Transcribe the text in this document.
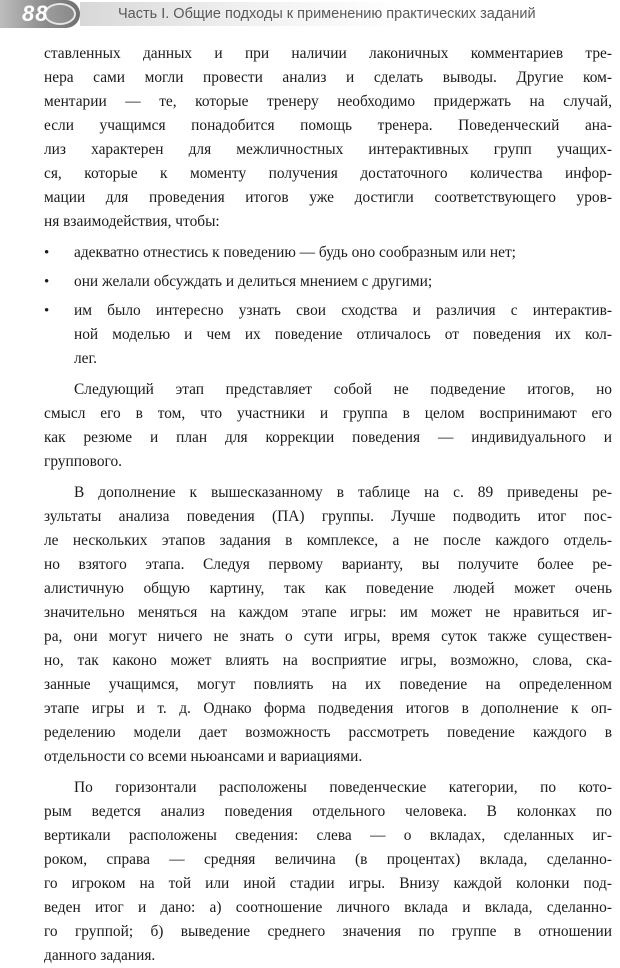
88	Часть I. Общие подходы к применению практических заданий
ставленных данных и при наличии лаконичных комментариев тре-
нера сами могли провести анализ и сделать выводы. Другие ком-
ментарии — те, которые тренеру необходимо придержать на случай,
если учащимся понадобится помощь тренера. Поведенческий ана-
лиз характерен для межличностных интерактивных групп учащих-
ся, которые к моменту получения достаточного количества инфор-
мации для проведения итогов уже достигли соответствующего уров-
ня взаимодействия, чтобы:
•	адекватно отнестись к поведению — будь оно сообразным или нет;
•	они желали обсуждать и делиться мнением с другими;
•	им было интересно узнать свои сходства и различия с интерактив-
ной моделью и чем их поведение отличалось от поведения их кол-
лег.
Следующий этап представляет собой не подведение итогов, но
смысл его в том, что участники и группа в целом воспринимают его
как резюме и план для коррекции поведения — индивидуального и
группового.
В дополнение к вышесказанному в таблице на с. 89 приведены ре-
зультаты анализа поведения (ПА) группы. Лучше подводить итог пос-
ле нескольких этапов задания в комплексе, а не после каждого отдель-
но взятого этапа. Следуя первому варианту, вы получите более ре-
алистичную общую картину, так как поведение людей может очень
значительно меняться на каждом этапе игры: им может не нравиться иг-
ра, они могут ничего не знать о сути игры, время суток также существен-
но, так каконо может влиять на восприятие игры, возможно, слова, ска-
занные учащимся, могут повлиять на их поведение на определенном
этапе игры и т. д. Однако форма подведения итогов в дополнение к оп-
ределению модели дает возможность рассмотреть поведение каждого в
отдельности со всеми ньюансами и вариациями.
По горизонтали расположены поведенческие категории, по кото-
рым ведется анализ поведения отдельного человека. В колонках по
вертикали расположены сведения: слева — о вкладах, сделанных иг-
роком, справа — средняя величина (в процентах) вклада, сделанно-
го игроком на той или иной стадии игры. Внизу каждой колонки под-
веден итог и дано: а) соотношение личного вклада и вклада, сделанно-
го группой; б) выведение среднего значения по группе в отношении
данного задания.
